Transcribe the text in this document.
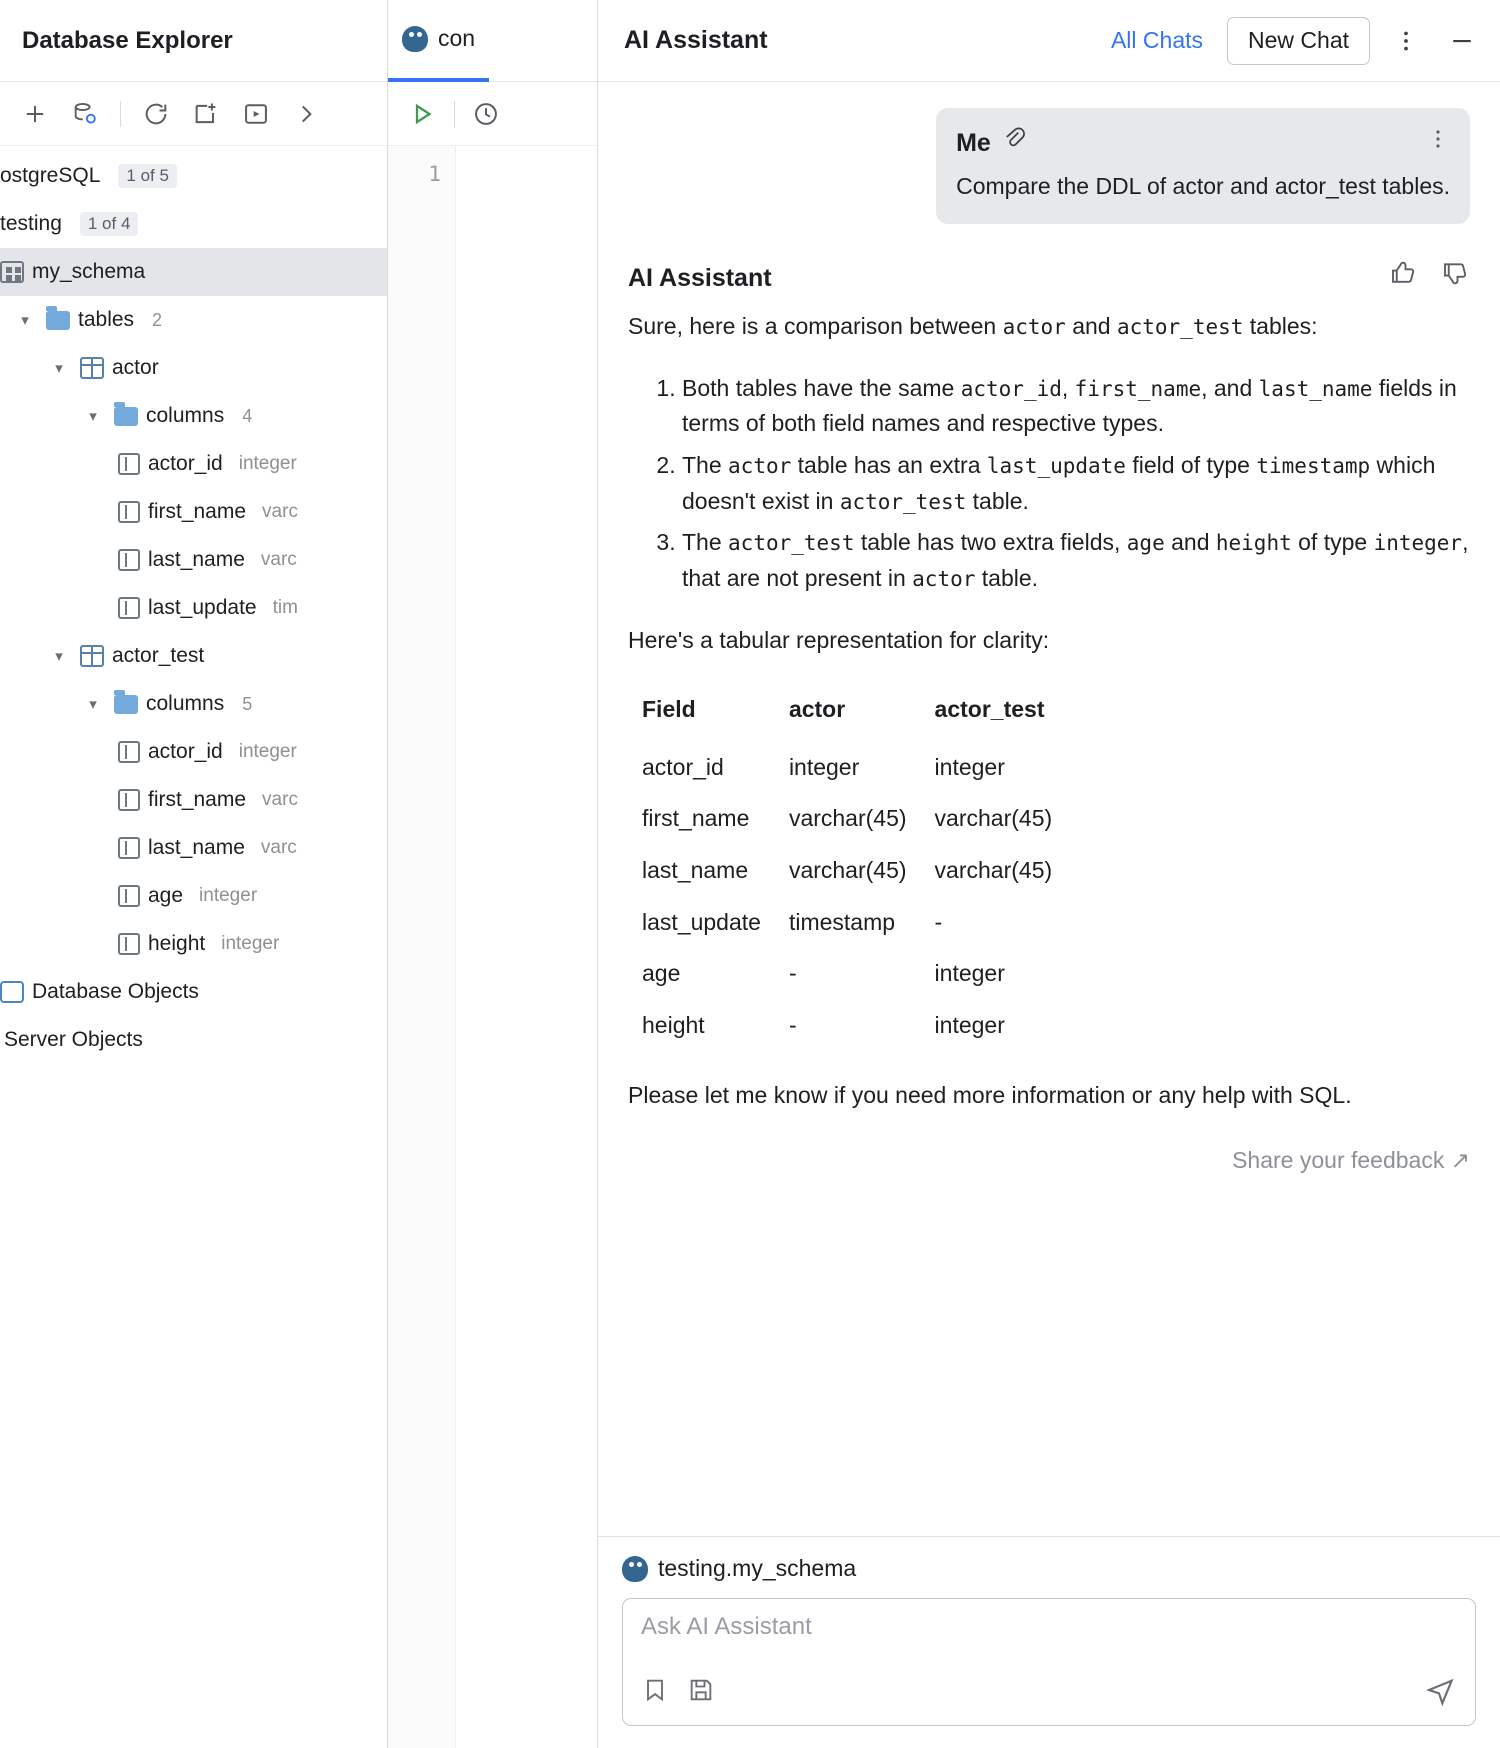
Database Explorer
ostgreSQL	1 of 5
testing	1 of 4
my_schema
▾	tables 2
▾	actor
▾	columns 4
actor_id integer
first_name varc
last_name varc
last_update tim
▾	actor_test
▾	columns 5
actor_id integer
first_name varc
last_name varc
age integer
height integer
Database Objects
Server Objects
con
1
AI Assistant	All Chats	New Chat
Me
Compare the DDL of actor and actor_test tables.
AI Assistant
Sure, here is a comparison between actor and actor_test tables:
1. Both tables have the same actor_id, first_name, and last_name fields in terms of both field names and respective types.
2. The actor table has an extra last_update field of type timestamp which doesn't exist in actor_test table.
3. The actor_test table has two extra fields, age and height of type integer, that are not present in actor table.
Here's a tabular representation for clarity:
Field	actor	actor_test
actor_id	integer	integer
first_name	varchar(45)	varchar(45)
last_name	varchar(45)	varchar(45)
last_update	timestamp	-
age	-	integer
height	-	integer
Please let me know if you need more information or any help with SQL.
Share your feedback ↗
testing.my_schema
Ask AI Assistant
